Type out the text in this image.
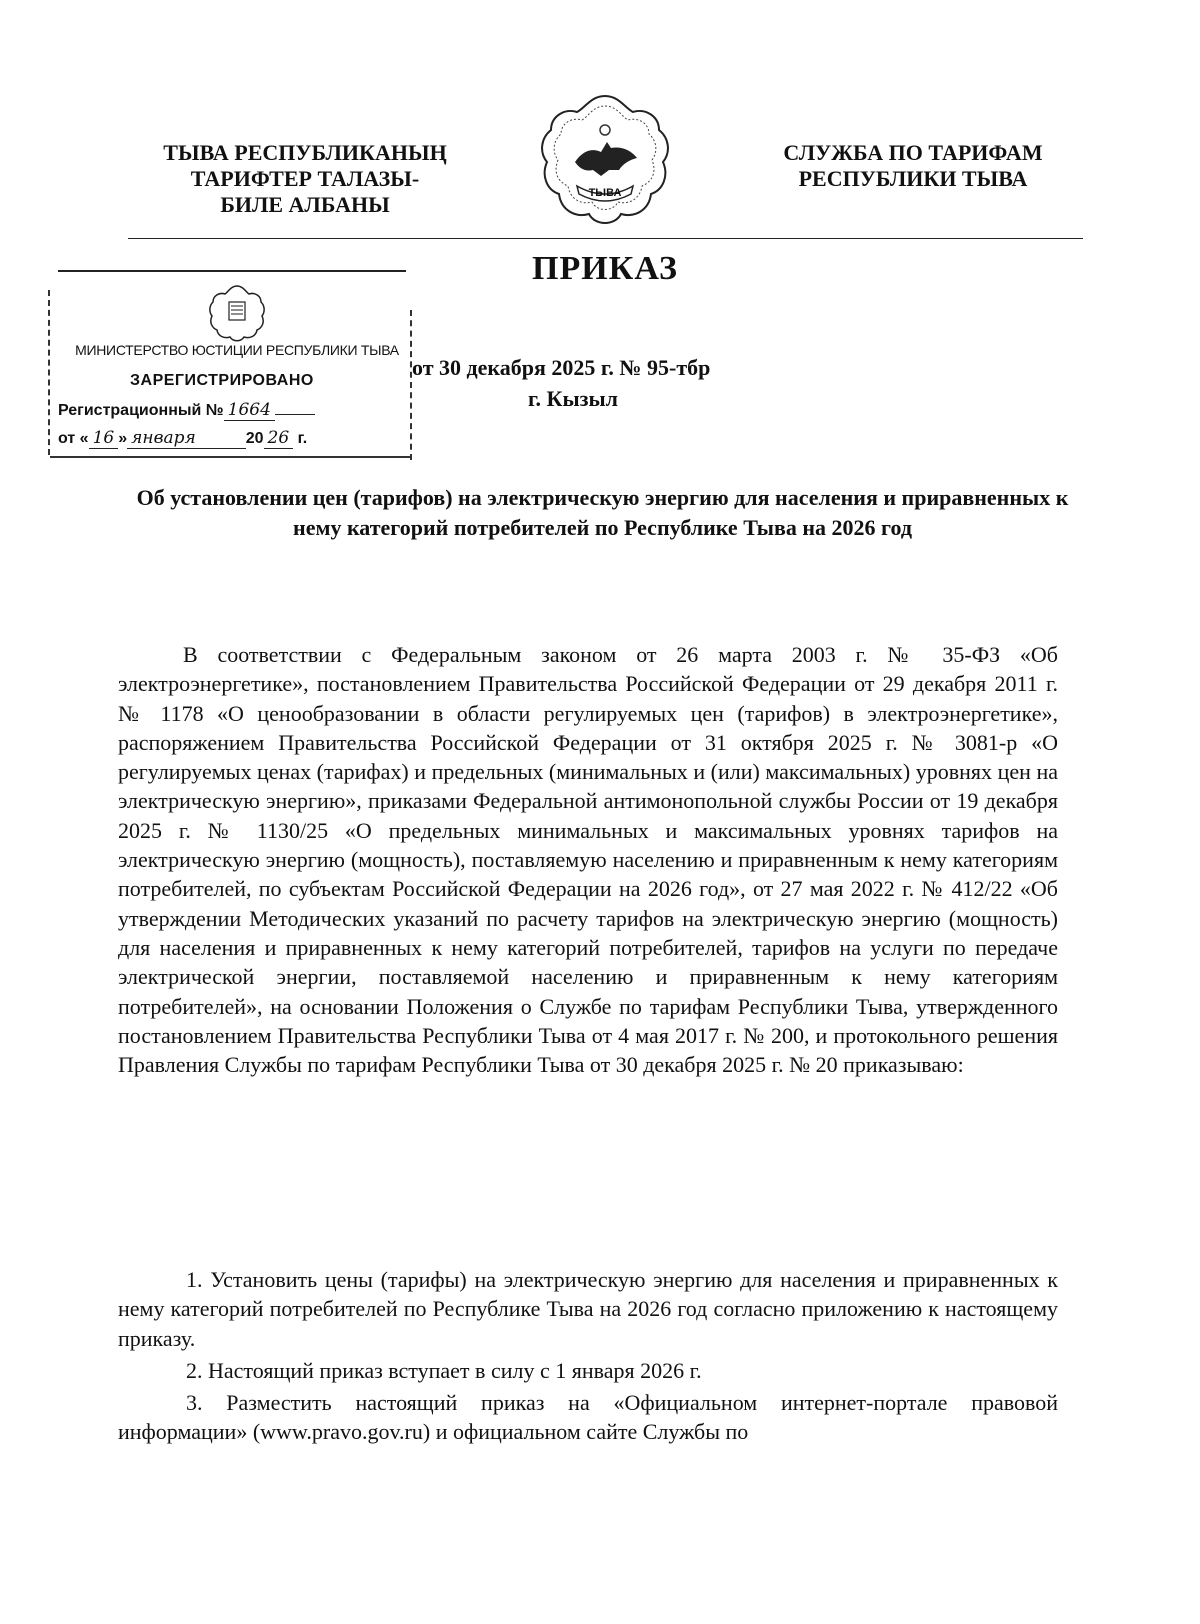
ТЫВА РЕСПУБЛИКАНЫҢ
ТАРИФТЕР ТАЛАЗЫ-
БИЛЕ АЛБАНЫ	ТЫВА
СЛУЖБА ПО ТАРИФАМ
РЕСПУБЛИКИ ТЫВА
ПРИКАЗ
МИНИСТЕРСТВО ЮСТИЦИИ РЕСПУБЛИКИ ТЫВА
ЗАРЕГИСТРИРОВАНО
Регистрационный № 1664
от « 16 » января	20 26 г.
от 30 декабря 2025 г. № 95-тбр
г. Кызыл
Об установлении цен (тарифов) на электрическую энергию для населения и приравненных к нему категорий потребителей по Республике Тыва на 2026 год

В соответствии с Федеральным законом от 26 марта 2003 г. № 35-ФЗ «Об электроэнергетике», постановлением Правительства Российской Федерации от 29 декабря 2011 г. № 1178 «О ценообразовании в области регулируемых цен (тарифов) в электроэнергетике», распоряжением Правительства Российской Федерации от 31 октября 2025 г. № 3081-р «О регулируемых ценах (тарифах) и предельных (минимальных и (или) максимальных) уровнях цен на электрическую энергию», приказами Федеральной антимонопольной службы России от 19 декабря 2025 г. № 1130/25 «О предельных минимальных и максимальных уровнях тарифов на электрическую энергию (мощность), поставляемую населению и приравненным к нему категориям потребителей, по субъектам Российской Федерации на 2026 год», от 27 мая 2022 г. № 412/22 «Об утверждении Методических указаний по расчету тарифов на электрическую энергию (мощность) для населения и приравненных к нему категорий потребителей, тарифов на услуги по передаче электрической энергии, поставляемой населению и приравненным к нему категориям потребителей», на основании Положения о Службе по тарифам Республики Тыва, утвержденного постановлением Правительства Республики Тыва от 4 мая 2017 г. № 200, и протокольного решения Правления Службы по тарифам Республики Тыва от 30 декабря 2025 г. № 20 приказываю:

1. Установить цены (тарифы) на электрическую энергию для населения и приравненных к нему категорий потребителей по Республике Тыва на 2026 год согласно приложению к настоящему приказу.

2. Настоящий приказ вступает в силу с 1 января 2026 г.

3. Разместить настоящий приказ на «Официальном интернет-портале правовой информации» (www.pravo.gov.ru) и официальном сайте Службы по
